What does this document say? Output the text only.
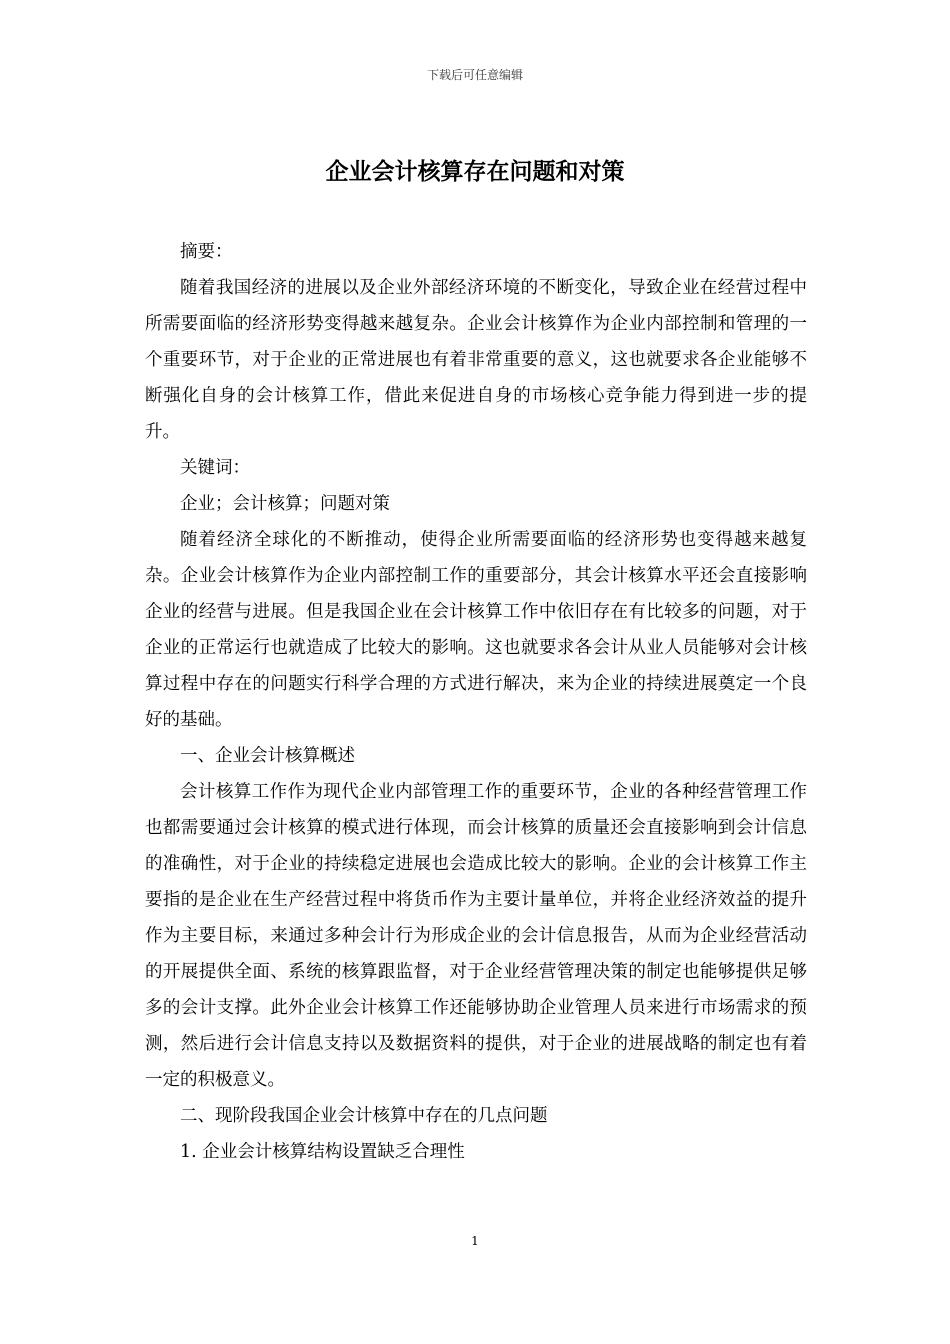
下载后可任意编辑
企业会计核算存在问题和对策

摘要：

随着我国经济的进展以及企业外部经济环境的不断变化，导致企业在经营过程中所需要面临的经济形势变得越来越复杂。企业会计核算作为企业内部控制和管理的一个重要环节，对于企业的正常进展也有着非常重要的意义，这也就要求各企业能够不断强化自身的会计核算工作，借此来促进自身的市场核心竞争能力得到进一步的提升。

关键词：

企业；会计核算；问题对策

随着经济全球化的不断推动，使得企业所需要面临的经济形势也变得越来越复杂。企业会计核算作为企业内部控制工作的重要部分，其会计核算水平还会直接影响企业的经营与进展。但是我国企业在会计核算工作中依旧存在有比较多的问题，对于企业的正常运行也就造成了比较大的影响。这也就要求各会计从业人员能够对会计核算过程中存在的问题实行科学合理的方式进行解决，来为企业的持续进展奠定一个良好的基础。

一、企业会计核算概述

会计核算工作作为现代企业内部管理工作的重要环节，企业的各种经营管理工作也都需要通过会计核算的模式进行体现，而会计核算的质量还会直接影响到会计信息的准确性，对于企业的持续稳定进展也会造成比较大的影响。企业的会计核算工作主要指的是企业在生产经营过程中将货币作为主要计量单位，并将企业经济效益的提升作为主要目标，来通过多种会计行为形成企业的会计信息报告，从而为企业经营活动的开展提供全面、系统的核算跟监督，对于企业经营管理决策的制定也能够提供足够多的会计支撑。此外企业会计核算工作还能够协助企业管理人员来进行市场需求的预测，然后进行会计信息支持以及数据资料的提供，对于企业的进展战略的制定也有着一定的积极意义。

二、现阶段我国企业会计核算中存在的几点问题

1. 企业会计核算结构设置缺乏合理性

1
